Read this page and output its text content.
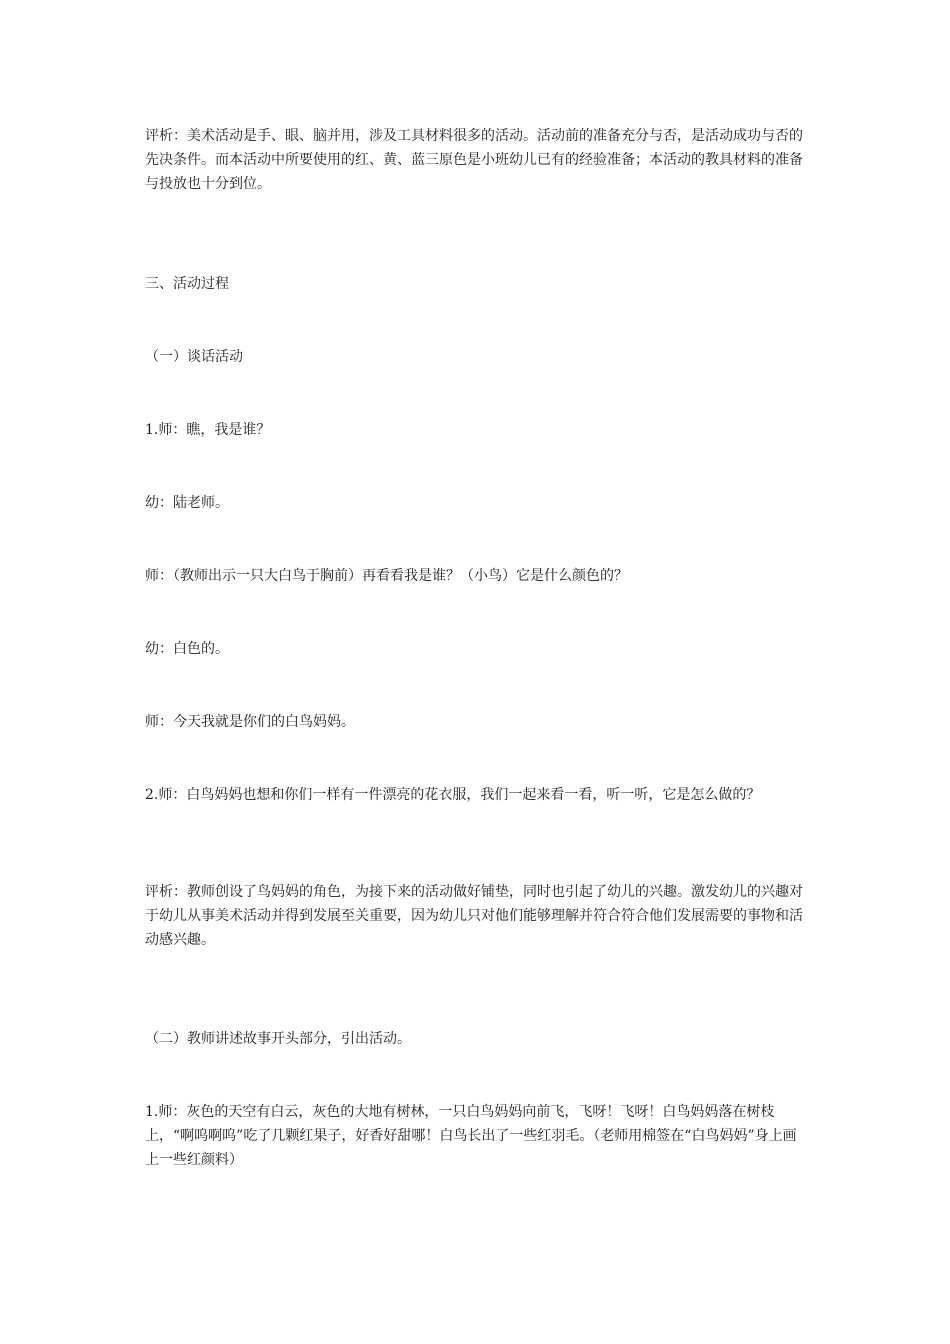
评析：美术活动是手、眼、脑并用，涉及工具材料很多的活动。活动前的准备充分与否，是活动成功与否的先决条件。而本活动中所要使用的红、黄、蓝三原色是小班幼儿已有的经验准备；本活动的教具材料的准备与投放也十分到位。

三、活动过程

（一）谈话活动

1.师：瞧，我是谁？

幼：陆老师。

师：（教师出示一只大白鸟于胸前）再看看我是谁？（小鸟）它是什么颜色的？

幼：白色的。

师：今天我就是你们的白鸟妈妈。

2.师：白鸟妈妈也想和你们一样有一件漂亮的花衣服，我们一起来看一看，听一听，它是怎么做的？

评析：教师创设了鸟妈妈的角色，为接下来的活动做好铺垫，同时也引起了幼儿的兴趣。激发幼儿的兴趣对于幼儿从事美术活动并得到发展至关重要，因为幼儿只对他们能够理解并符合符合他们发展需要的事物和活动感兴趣。

（二）教师讲述故事开头部分，引出活动。

1.师：灰色的天空有白云，灰色的大地有树林，一只白鸟妈妈向前飞，飞呀！飞呀！白鸟妈妈落在树枝上，“啊呜啊呜”吃了几颗红果子，好香好甜哪！白鸟长出了一些红羽毛。（老师用棉签在“白鸟妈妈”身上画上一些红颜料）
